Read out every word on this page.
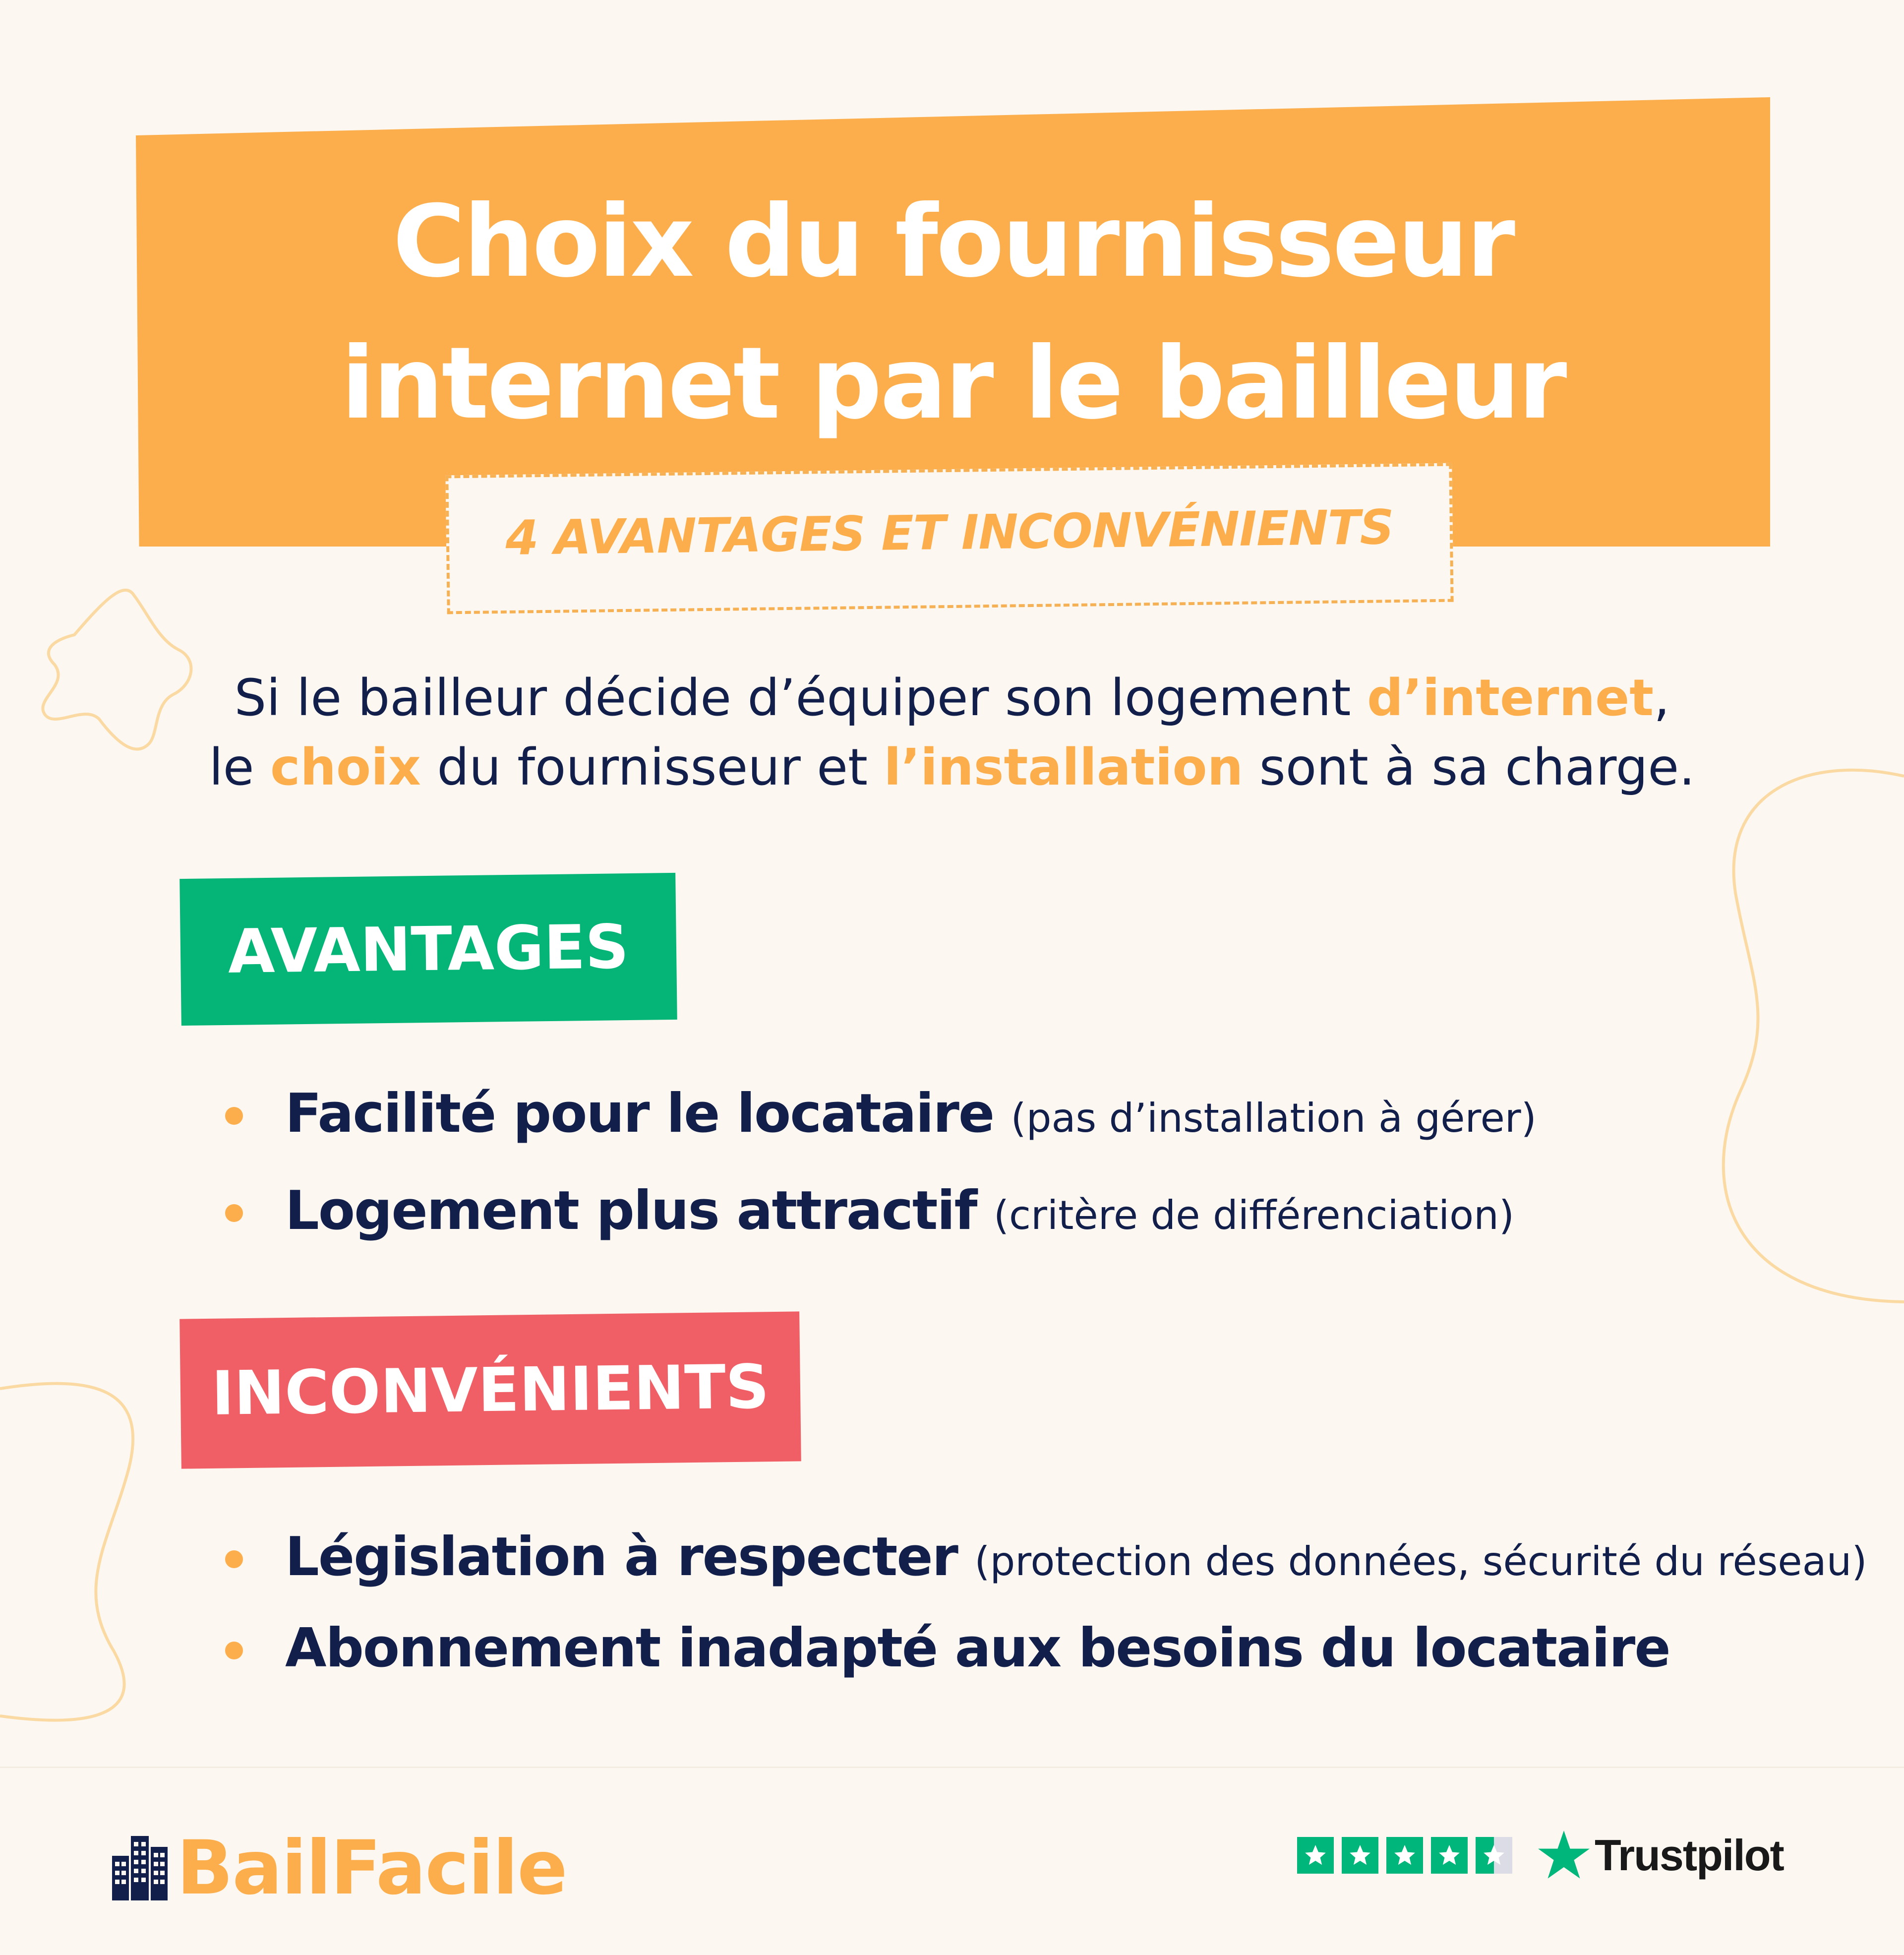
Choix du fournisseur
internet par le bailleur
4 AVANTAGES ET INCONVÉNIENTS
Si le bailleur décide d’équiper son logement d’internet,
le choix du fournisseur et l’installation sont à sa charge.
AVANTAGES
Facilité pour le locataire (pas d’installation à gérer)
Logement plus attractif (critère de différenciation)
INCONVÉNIENTS
Législation à respecter (protection des données, sécurité du réseau)
Abonnement inadapté aux besoins du locataire
BailFacile	Trustpilot
